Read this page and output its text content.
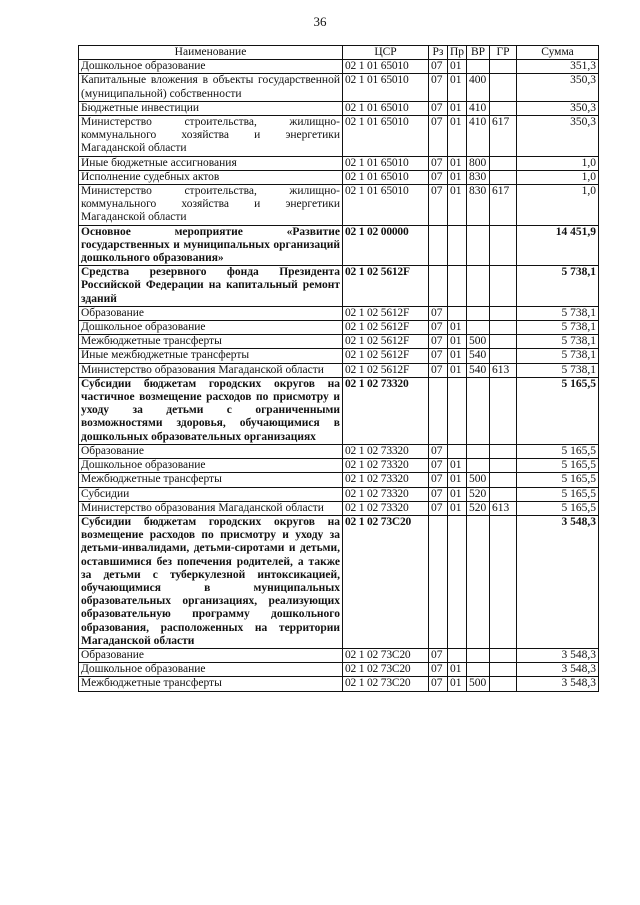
36
Наименование	ЦСР	Рз	Пр	ВР	ГР	Сумма
Дошкольное образование	02 1 01 65010	07	01			351,3
Капитальные вложения в объекты государственной (муниципальной) собственности	02 1 01 65010	07	01	400		350,3
Бюджетные инвестиции	02 1 01 65010	07	01	410		350,3
Министерство строительства, жилищно-коммунального хозяйства и энергетики Магаданской области	02 1 01 65010	07	01	410	617	350,3
Иные бюджетные ассигнования	02 1 01 65010	07	01	800		1,0
Исполнение судебных актов	02 1 01 65010	07	01	830		1,0
Министерство строительства, жилищно-коммунального хозяйства и энергетики Магаданской области	02 1 01 65010	07	01	830	617	1,0
Основное мероприятие «Развитие государственных и муниципальных организаций дошкольного образования»	02 1 02 00000					14 451,9
Средства резервного фонда Президента Российской Федерации на капитальный ремонт зданий	02 1 02 5612F					5 738,1
Образование	02 1 02 5612F	07				5 738,1
Дошкольное образование	02 1 02 5612F	07	01			5 738,1
Межбюджетные трансферты	02 1 02 5612F	07	01	500		5 738,1
Иные межбюджетные трансферты	02 1 02 5612F	07	01	540		5 738,1
Министерство образования Магаданской области	02 1 02 5612F	07	01	540	613	5 738,1
Субсидии бюджетам городских округов на частичное возмещение расходов по присмотру и уходу за детьми с ограниченными возможностями здоровья, обучающимися в дошкольных образовательных организациях	02 1 02 73320					5 165,5
Образование	02 1 02 73320	07				5 165,5
Дошкольное образование	02 1 02 73320	07	01			5 165,5
Межбюджетные трансферты	02 1 02 73320	07	01	500		5 165,5
Субсидии	02 1 02 73320	07	01	520		5 165,5
Министерство образования Магаданской области	02 1 02 73320	07	01	520	613	5 165,5
Субсидии бюджетам городских округов на возмещение расходов по присмотру и уходу за детьми-инвалидами, детьми-сиротами и детьми, оставшимися без попечения родителей, а также за детьми с туберкулезной интоксикацией, обучающимися в муниципальных образовательных организациях, реализующих образовательную программу дошкольного образования, расположенных на территории Магаданской области	02 1 02 73С20					3 548,3
Образование	02 1 02 73С20	07				3 548,3
Дошкольное образование	02 1 02 73С20	07	01			3 548,3
Межбюджетные трансферты	02 1 02 73С20	07	01	500		3 548,3
